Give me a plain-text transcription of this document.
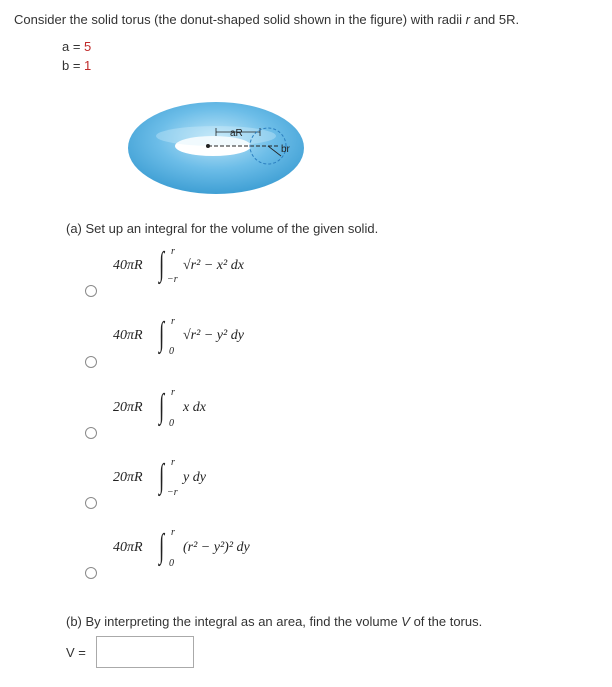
Consider the solid torus (the donut-shaped solid shown in the figure) with radii r and 5R.
a = 5
b = 1
aR
br
(a) Set up an integral for the volume of the given solid.
40πR ∫ r
−r
√r² − x² dx
40πR ∫ r
0
√r² − y² dy
20πR ∫ r
0
x dx
20πR ∫ r
−r
y dy
40πR ∫ r
0
(r² − y²)² dy
(b) By interpreting the integral as an area, find the volume V of the torus.
V =
